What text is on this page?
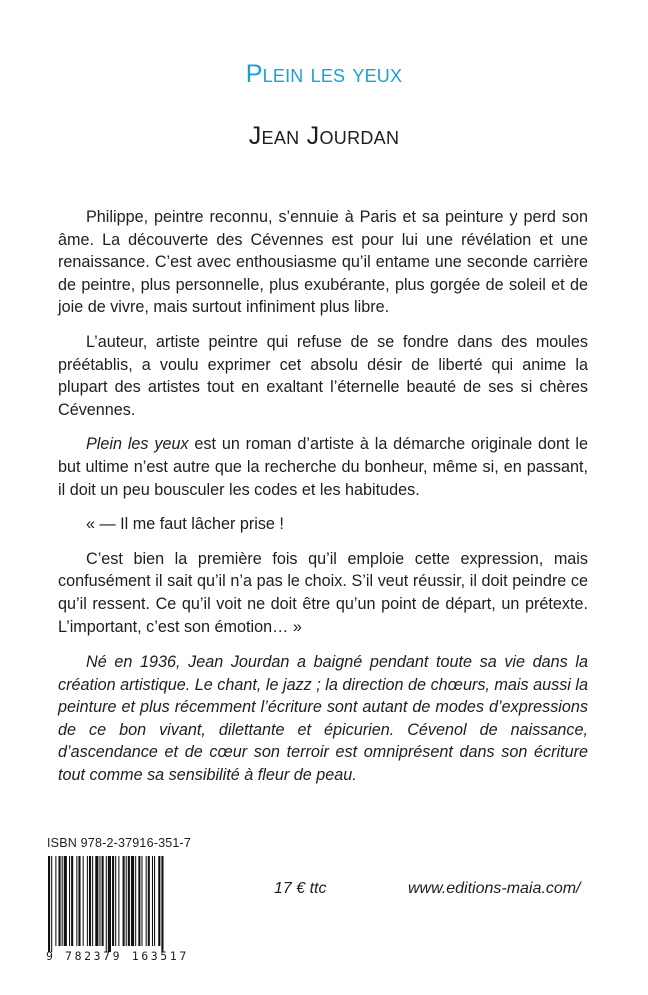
Plein les yeux
Jean Jourdan

Philippe, peintre reconnu, s’ennuie à Paris et sa peinture y perd son âme. La découverte des Cévennes est pour lui une révélation et une renaissance. C’est avec enthousiasme qu’il entame une seconde carrière de peintre, plus personnelle, plus exubérante, plus gorgée de soleil et de joie de vivre, mais surtout infiniment plus libre.

L’auteur, artiste peintre qui refuse de se fondre dans des moules préétablis, a voulu exprimer cet absolu désir de liberté qui anime la plupart des artistes tout en exaltant l’éternelle beauté de ses si chères Cévennes.

Plein les yeux est un roman d’artiste à la démarche originale dont le but ultime n’est autre que la recherche du bonheur, même si, en passant, il doit un peu bousculer les codes et les habitudes.

« — Il me faut lâcher prise !

C’est bien la première fois qu’il emploie cette expression, mais confusément il sait qu’il n’a pas le choix. S’il veut réussir, il doit peindre ce qu’il ressent. Ce qu’il voit ne doit être qu’un point de départ, un prétexte. L’important, c’est son émotion… »

Né en 1936, Jean Jourdan a baigné pendant toute sa vie dans la création artistique. Le chant, le jazz ; la direction de chœurs, mais aussi la peinture et plus récemment l’écriture sont autant de modes d’expressions de ce bon vivant, dilettante et épicurien. Cévenol de naissance, d’ascendance et de cœur son terroir est omniprésent dans son écriture tout comme sa sensibilité à fleur de peau.

ISBN 978-2-37916-351-7
9 782379 163517
17 € ttc	www.editions-maia.com/
